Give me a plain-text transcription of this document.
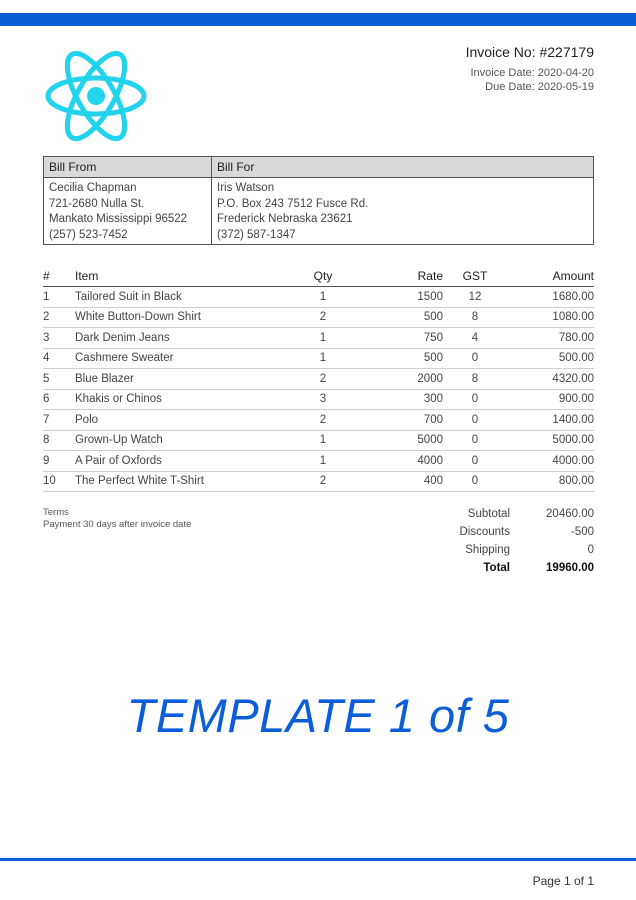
Invoice No: #227179
Invoice Date: 2020-04-20
Due Date: 2020-05-19
Bill From
Cecilia Chapman
721-2680 Nulla St.
Mankato Mississippi 96522
(257) 523-7452
Bill For
Iris Watson
P.O. Box 243 7512 Fusce Rd.
Frederick Nebraska 23621
(372) 587-1347
#	Item	Qty	Rate	GST	Amount
1	Tailored Suit in Black	1	1500	12	1680.00
2	White Button-Down Shirt	2	500	8	1080.00
3	Dark Denim Jeans	1	750	4	780.00
4	Cashmere Sweater	1	500	0	500.00
5	Blue Blazer	2	2000	8	4320.00
6	Khakis or Chinos	3	300	0	900.00
7	Polo	2	700	0	1400.00
8	Grown-Up Watch	1	5000	0	5000.00
9	A Pair of Oxfords	1	4000	0	4000.00
10	The Perfect White T-Shirt	2	400	0	800.00
Terms
Payment 30 days after invoice date
Subtotal	20460.00
Discounts	-500
Shipping	0
Total	19960.00
TEMPLATE 1 of 5
Page 1 of 1
